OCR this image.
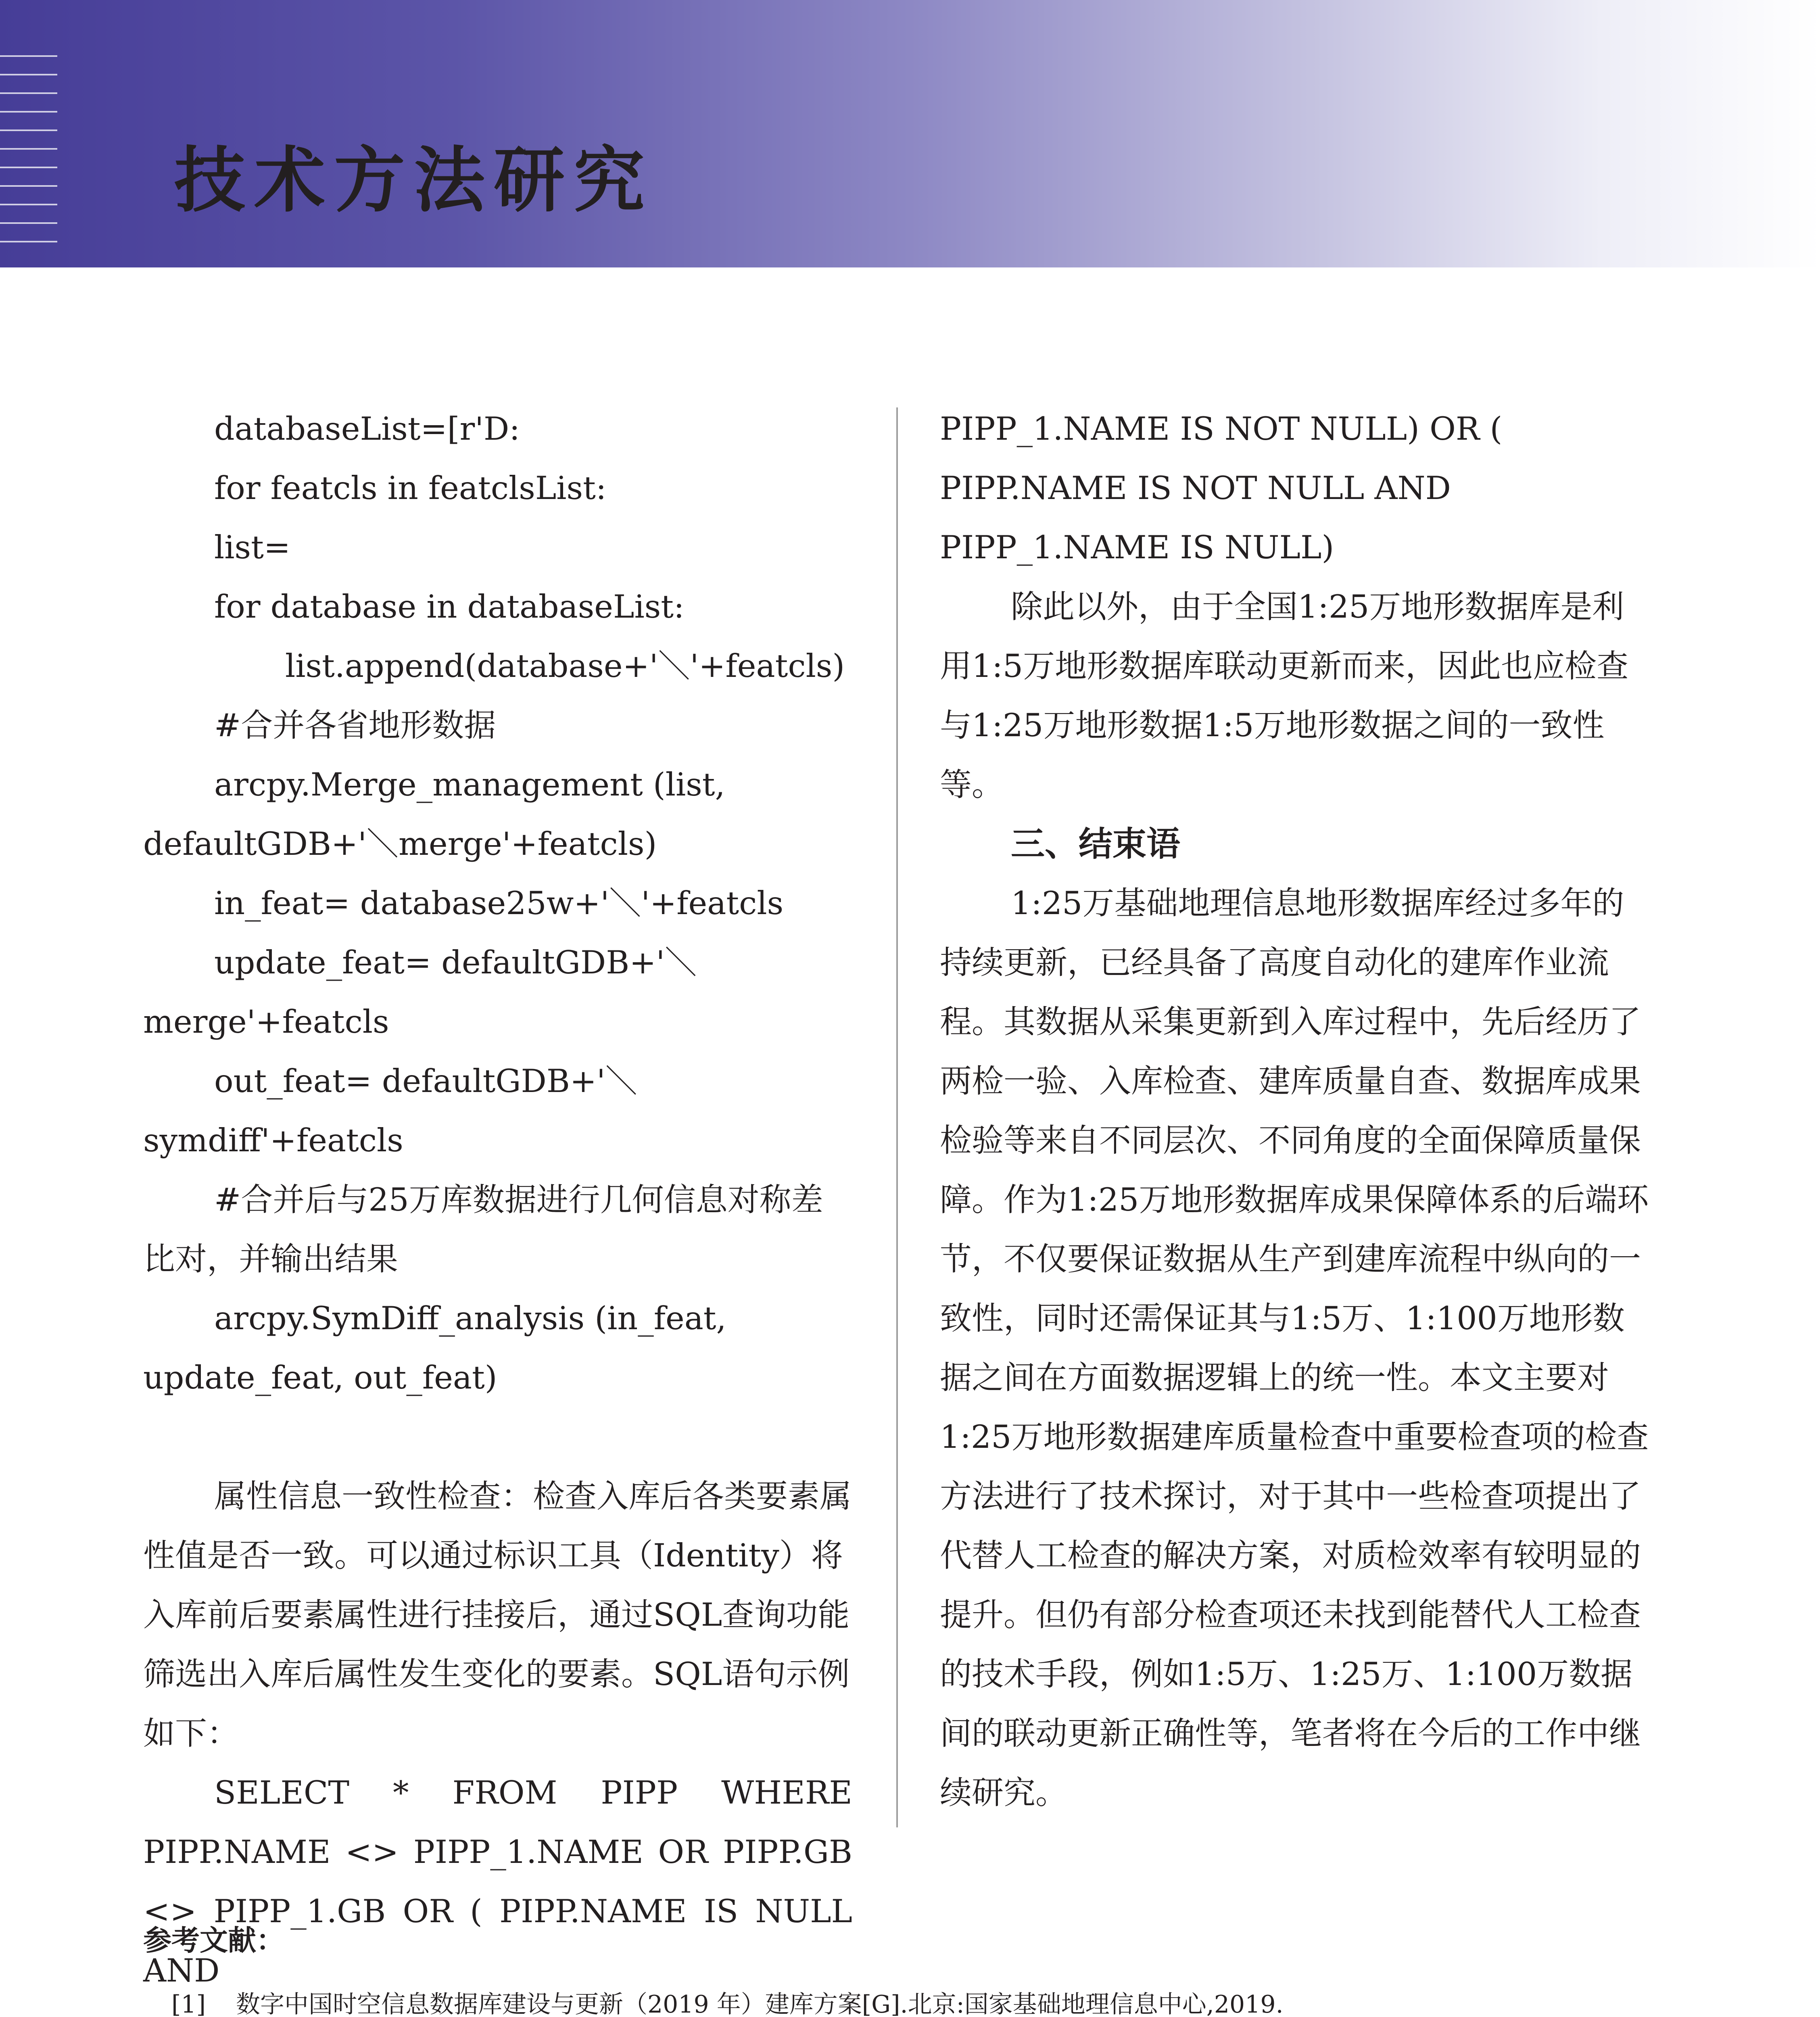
技术方法研究

databaseList=[r'D:

for featcls in featclsList:

list=

for database in databaseList:

list.append(database+'＼'+featcls)

#合并各省地形数据

arcpy.Merge_management (list, defaultGDB+'＼merge'+featcls)

in_feat= database25w+'＼'+featcls

update_feat= defaultGDB+'＼merge'+featcls

out_feat= defaultGDB+'＼symdiff'+featcls

#合并后与25万库数据进行几何信息对称差比对，并输出结果

arcpy.SymDiff_analysis (in_feat, update_feat, out_feat)

属性信息一致性检查：检查入库后各类要素属性值是否一致。可以通过标识工具（Identity）将入库前后要素属性进行挂接后，通过SQL查询功能筛选出入库后属性发生变化的要素。SQL语句示例如下：

SELECT * FROM PIPP WHERE PIPP.NAME <> PIPP_1.NAME OR PIPP.GB <> PIPP_1.GB OR ( PIPP.NAME IS NULL AND

PIPP_1.NAME IS NOT NULL) OR ( PIPP.NAME IS NOT NULL AND PIPP_1.NAME IS NULL)

除此以外，由于全国1:25万地形数据库是利用1:5万地形数据库联动更新而来，因此也应检查与1:25万地形数据1:5万地形数据之间的一致性等。

三、结束语

1:25万基础地理信息地形数据库经过多年的持续更新，已经具备了高度自动化的建库作业流程。其数据从采集更新到入库过程中，先后经历了两检一验、入库检查、建库质量自查、数据库成果检验等来自不同层次、不同角度的全面保障质量保障。作为1:25万地形数据库成果保障体系的后端环节，不仅要保证数据从生产到建库流程中纵向的一致性，同时还需保证其与1:5万、1:100万地形数据之间在方面数据逻辑上的统一性。本文主要对1:25万地形数据建库质量检查中重要检查项的检查方法进行了技术探讨，对于其中一些检查项提出了代替人工检查的解决方案，对质检效率有较明显的提升。但仍有部分检查项还未找到能替代人工检查的技术手段，例如1:5万、1:25万、1:100万数据间的联动更新正确性等，笔者将在今后的工作中继续研究。

参考文献：

[1]	数字中国时空信息数据库建设与更新（2019 年）建库方案[G].北京:国家基础地理信息中心,2019.
